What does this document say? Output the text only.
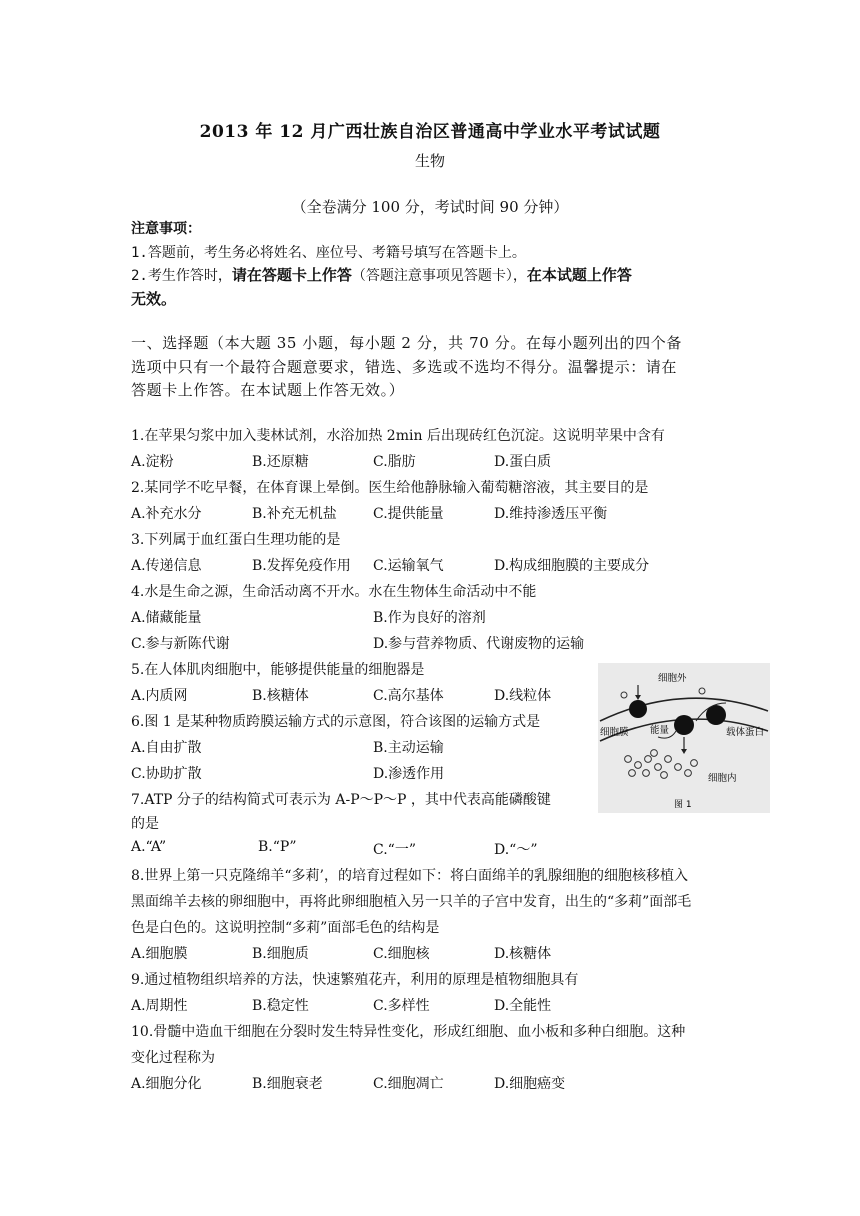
2013 年 12 月广西壮族自治区普通高中学业水平考试试题
生物
（全卷满分 100 分，考试时间 90 分钟）
注意事项：
1.答题前，考生务必将姓名、座位号、考籍号填写在答题卡上。
2.考生作答时，请在答题卡上作答（答题注意事项见答题卡），在本试题上作答
无效。
一、选择题（本大题 35 小题，每小题 2 分，共 70 分。在每小题列出的四个备
选项中只有一个最符合题意要求，错选、多选或不选均不得分。温馨提示：请在
答题卡上作答。在本试题上作答无效。）
1.在苹果匀浆中加入斐林试剂，水浴加热 2min 后出现砖红色沉淀。这说明苹果中含有
A.淀粉	B.还原糖	C.脂肪	D.蛋白质
2.某同学不吃早餐，在体育课上晕倒。医生给他静脉输入葡萄糖溶液，其主要目的是
A.补充水分	B.补充无机盐	C.提供能量	D.维持渗透压平衡
3.下列属于血红蛋白生理功能的是
A.传递信息	B.发挥免疫作用 C.运输氧气	D.构成细胞膜的主要成分
4.水是生命之源，生命活动离不开水。水在生物体生命活动中不能
A.储藏能量	B.作为良好的溶剂
C.参与新陈代谢	D.参与营养物质、代谢废物的运输
5.在人体肌肉细胞中，能够提供能量的细胞器是
A.内质网	B.核糖体	C.高尔基体	D.线粒体
6.图 1 是某种物质跨膜运输方式的示意图，符合该图的运输方式是
A.自由扩散	B.主动运输
C.协助扩散	D.渗透作用
7.ATP 分子的结构简式可表示为 A-P～P～P ，其中代表高能磷酸键
的是
A.“A”	B.“P”	C.“一”	D.“～”
8.世界上第一只克隆绵羊“多莉’，的培育过程如下：将白面绵羊的乳腺细胞的细胞核移植入
黑面绵羊去核的卵细胞中，再将此卵细胞植入另一只羊的子宫中发育，出生的“多莉”面部毛
色是白色的。这说明控制“多莉”面部毛色的结构是
A.细胞膜	B.细胞质	C.细胞核	D.核糖体
9.通过植物组织培养的方法，快速繁殖花卉，利用的原理是植物细胞具有
A.周期性	B.稳定性	C.多样性	D.全能性
10.骨髓中造血干细胞在分裂时发生特异性变化，形成红细胞、血小板和多种白细胞。这种
变化过程称为
A.细胞分化	B.细胞衰老	C.细胞凋亡	D.细胞癌变
细胞外
细胞膜 能量	载体蛋白
细胞内
图 1
